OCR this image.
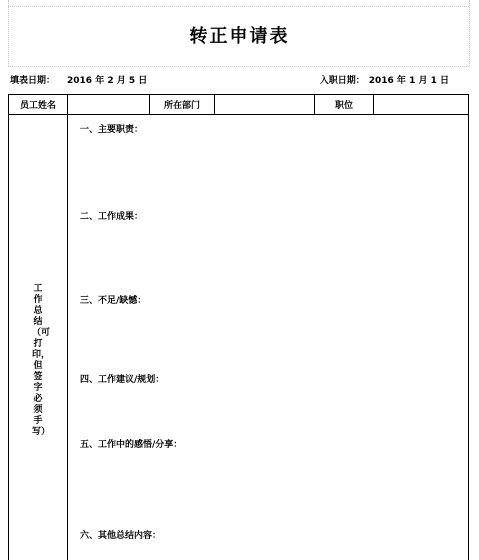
转正申请表
填表日期： 2016 年 2 月 5 日	入职日期： 2016 年 1 月 1 日
员工姓名	所在部门	职位
工作总结（可打印，但签字必须手写）
一、主要职责：
二、工作成果：
三、不足/缺憾：
四、工作建议/规划：
五、工作中的感悟/分享：
六、其他总结内容：
